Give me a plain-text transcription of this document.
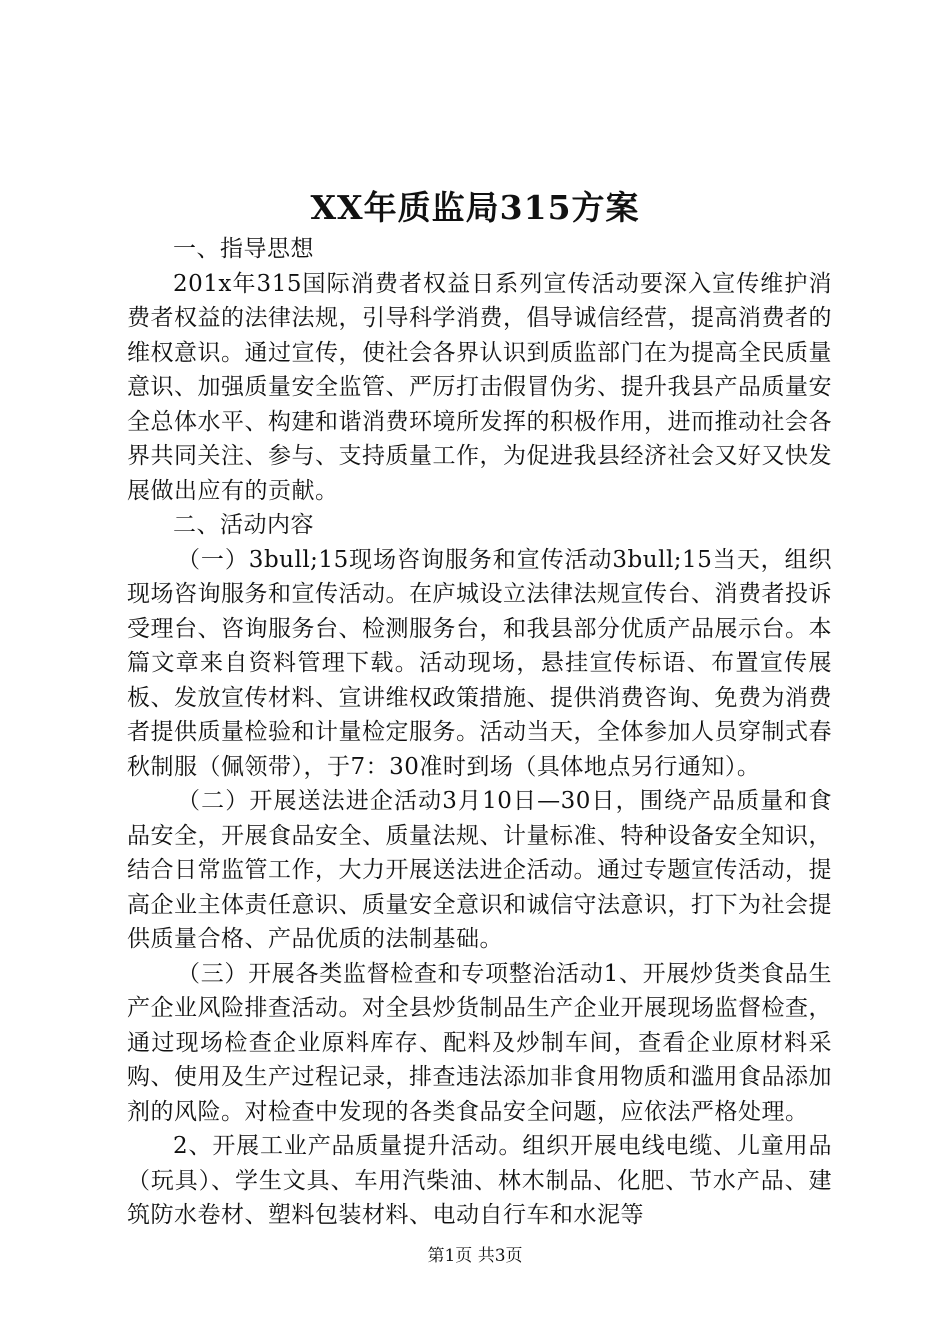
XX年质监局315方案

一、指导思想

201x年315国际消费者权益日系列宣传活动要深入宣传维护消费者权益的法律法规，引导科学消费，倡导诚信经营，提高消费者的维权意识。通过宣传，使社会各界认识到质监部门在为提高全民质量意识、加强质量安全监管、严厉打击假冒伪劣、提升我县产品质量安全总体水平、构建和谐消费环境所发挥的积极作用，进而推动社会各界共同关注、参与、支持质量工作，为促进我县经济社会又好又快发展做出应有的贡献。

二、活动内容

（一）3bull;15现场咨询服务和宣传活动3bull;15当天，组织现场咨询服务和宣传活动。在庐城设立法律法规宣传台、消费者投诉受理台、咨询服务台、检测服务台，和我县部分优质产品展示台。本篇文章来自资料管理下载。活动现场，悬挂宣传标语、布置宣传展板、发放宣传材料、宣讲维权政策措施、提供消费咨询、免费为消费者提供质量检验和计量检定服务。活动当天，全体参加人员穿制式春秋制服（佩领带），于7：30准时到场（具体地点另行通知）。

（二）开展送法进企活动3月10日—30日，围绕产品质量和食品安全，开展食品安全、质量法规、计量标准、特种设备安全知识，结合日常监管工作，大力开展送法进企活动。通过专题宣传活动，提高企业主体责任意识、质量安全意识和诚信守法意识，打下为社会提供质量合格、产品优质的法制基础。

（三）开展各类监督检查和专项整治活动1、开展炒货类食品生产企业风险排查活动。对全县炒货制品生产企业开展现场监督检查，通过现场检查企业原料库存、配料及炒制车间，查看企业原材料采购、使用及生产过程记录，排查违法添加非食用物质和滥用食品添加剂的风险。对检查中发现的各类食品安全问题，应依法严格处理。

2、开展工业产品质量提升活动。组织开展电线电缆、儿童用品（玩具）、学生文具、车用汽柴油、林木制品、化肥、节水产品、建筑防水卷材、塑料包装材料、电动自行车和水泥等

第1页 共3页
